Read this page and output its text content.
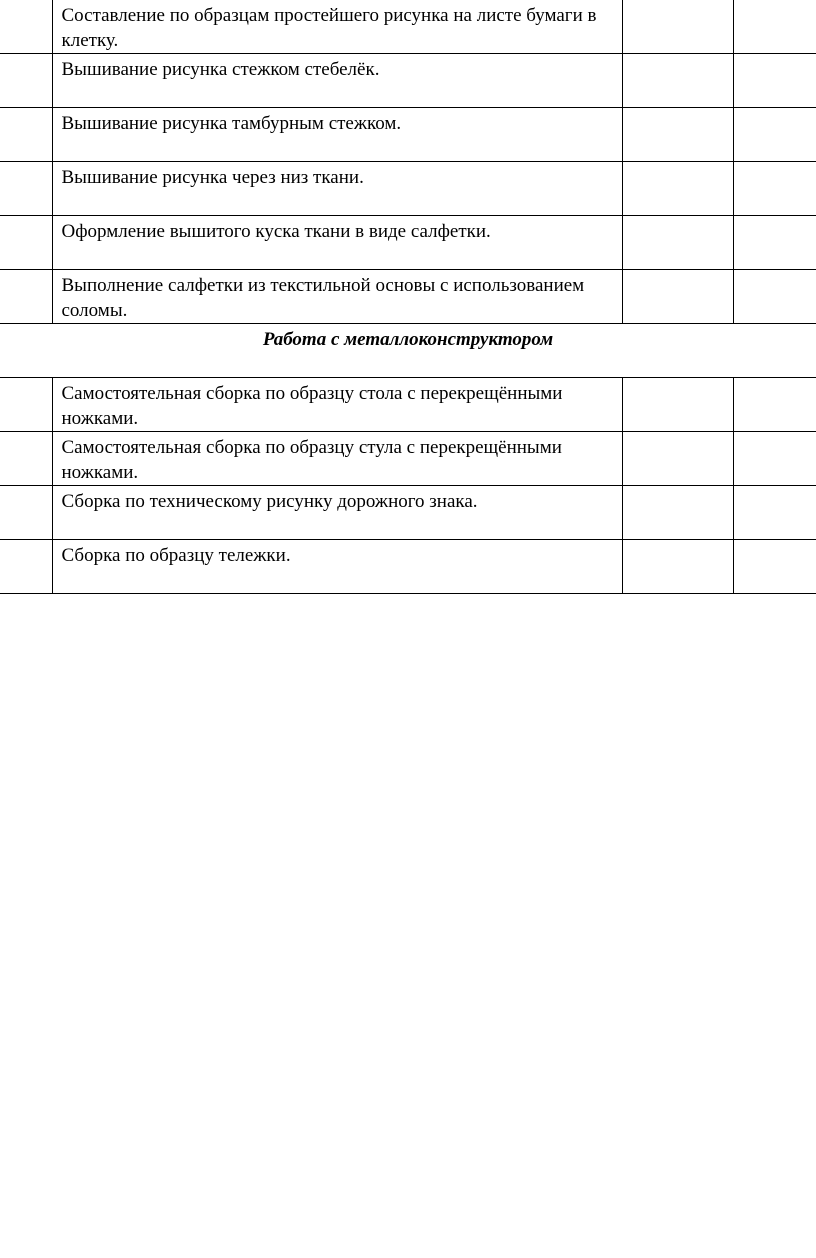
	Составление по образцам простейшего рисунка на листе бумаги в клетку.		
	Вышивание рисунка стежком стебелёк.		
	Вышивание рисунка тамбурным стежком.		
	Вышивание рисунка через низ ткани.		
	Оформление вышитого куска ткани в виде салфетки.		
	Выполнение салфетки из текстильной основы с использованием соломы.		
Работа с металлоконструктором			
	Самостоятельная сборка по образцу стола с перекрещёнными ножками.		
	Самостоятельная сборка по образцу стула с перекрещёнными ножками.		
	Сборка по техническому рисунку дорожного знака.		
	Сборка по образцу тележки.		
